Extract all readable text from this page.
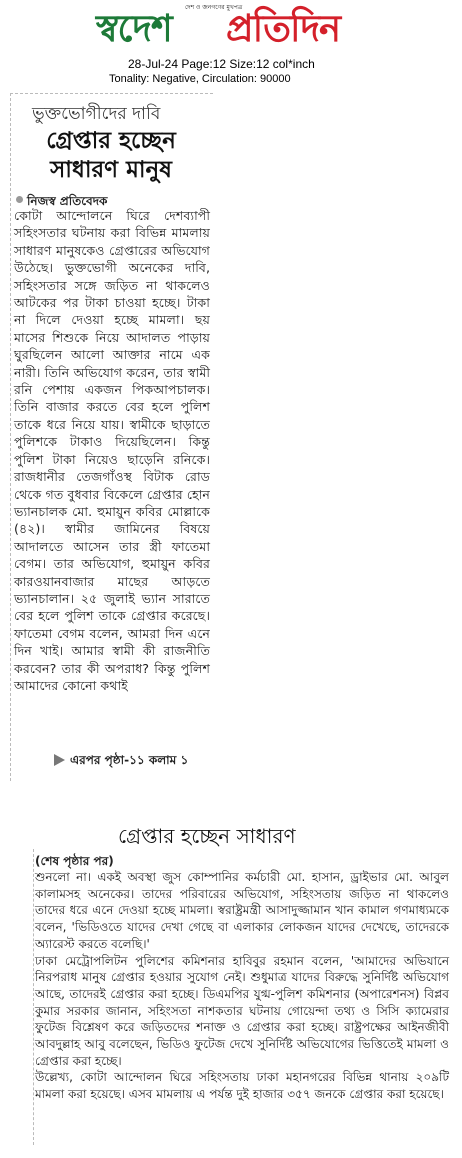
দেশ ও জনগণের মুখপত্র
স্বদেশ প্রতিদিন
28-Jul-24 Page:12 Size:12 col*inch
Tonality: Negative, Circulation: 90000
ভুক্তভোগীদের দাবি
গ্রেপ্তার হচ্ছেন
সাধারণ মানুষ
নিজস্ব প্রতিবেদক

কোটা আন্দোলনে ঘিরে দেশব্যাপী সহিংসতার ঘটনায় করা বিভিন্ন মামলায় সাধারণ মানুষকেও গ্রেপ্তারের অভিযোগ উঠেছে। ভুক্তভোগী অনেকের দাবি, সহিংসতার সঙ্গে জড়িত না থাকলেও আটকের পর টাকা চাওয়া হচ্ছে। টাকা না দিলে দেওয়া হচ্ছে মামলা। ছয় মাসের শিশুকে নিয়ে আদালত পাড়ায় ঘুরছিলেন আলো আক্তার নামে এক নারী। তিনি অভিযোগ করেন, তার স্বামী রনি পেশায় একজন পিকআপচালক। তিনি বাজার করতে বের হলে পুলিশ তাকে ধরে নিয়ে যায়। স্বামীকে ছাড়াতে পুলিশকে টাকাও দিয়েছিলেন। কিন্তু পুলিশ টাকা নিয়েও ছাড়েনি রনিকে। রাজধানীর তেজগাঁওস্থ বিটাক রোড থেকে গত বুধবার বিকেলে গ্রেপ্তার হোন ভ্যানচালক মো. হুমায়ুন কবির মোল্লাকে (৪২)। স্বামীর জামিনের বিষয়ে আদালতে আসেন তার স্ত্রী ফাতেমা বেগম। তার অভিযোগ, হুমায়ুন কবির কারওয়ানবাজার মাছের আড়তে ভ্যানচালান। ২৫ জুলাই ভ্যান সারাতে বের হলে পুলিশ তাকে গ্রেপ্তার করেছে। ফাতেমা বেগম বলেন, আমরা দিন এনে দিন খাই। আমার স্বামী কী রাজনীতি করবেন? তার কী অপরাধ? কিন্তু পুলিশ আমাদের কোনো কথাই

এরপর পৃষ্ঠা-১১ কলাম ১
গ্রেপ্তার হচ্ছেন সাধারণ
(শেষ পৃষ্ঠার পর)

শুনলো না। একই অবস্থা জুস কোম্পানির কর্মচারী মো. হাসান, ড্রাইভার মো. আবুল কালামসহ অনেকের। তাদের পরিবারের অভিযোগ, সহিংসতায় জড়িত না থাকলেও তাদের ধরে এনে দেওয়া হচ্ছে মামলা। স্বরাষ্ট্রমন্ত্রী আসাদুজ্জামান খান কামাল গণমাধ্যমকে বলেন, 'ভিডিওতে যাদের দেখা গেছে বা এলাকার লোকজন যাদের দেখেছে, তাদেরকে অ্যারেস্ট করতে বলেছি।'

ঢাকা মেট্রোপলিটন পুলিশের কমিশনার হাবিবুর রহমান বলেন, 'আমাদের অভিযানে নিরপরাধ মানুষ গ্রেপ্তার হওয়ার সুযোগ নেই। শুধুমাত্র যাদের বিরুদ্ধে সুনির্দিষ্ট অভিযোগ আছে, তাদেরই গ্রেপ্তার করা হচ্ছে। ডিএমপির যুগ্ম-পুলিশ কমিশনার (অপারেশনস) বিপ্লব কুমার সরকার জানান, সহিংসতা নাশকতার ঘটনায় গোয়েন্দা তথ্য ও সিসি ক্যামেরার ফুটেজ বিশ্লেষণ করে জড়িতদের শনাক্ত ও গ্রেপ্তার করা হচ্ছে। রাষ্ট্রপক্ষের আইনজীবী আবদুল্লাহ আবু বলেছেন, ভিডিও ফুটেজ দেখে সুনির্দিষ্ট অভিযোগের ভিত্তিতেই মামলা ও গ্রেপ্তার করা হচ্ছে।

উল্লেখ্য, কোটা আন্দোলন ঘিরে সহিংসতায় ঢাকা মহানগরের বিভিন্ন থানায় ২০৯টি মামলা করা হয়েছে। এসব মামলায় এ পর্যন্ত দুই হাজার ৩৫৭ জনকে গ্রেপ্তার করা হয়েছে।
